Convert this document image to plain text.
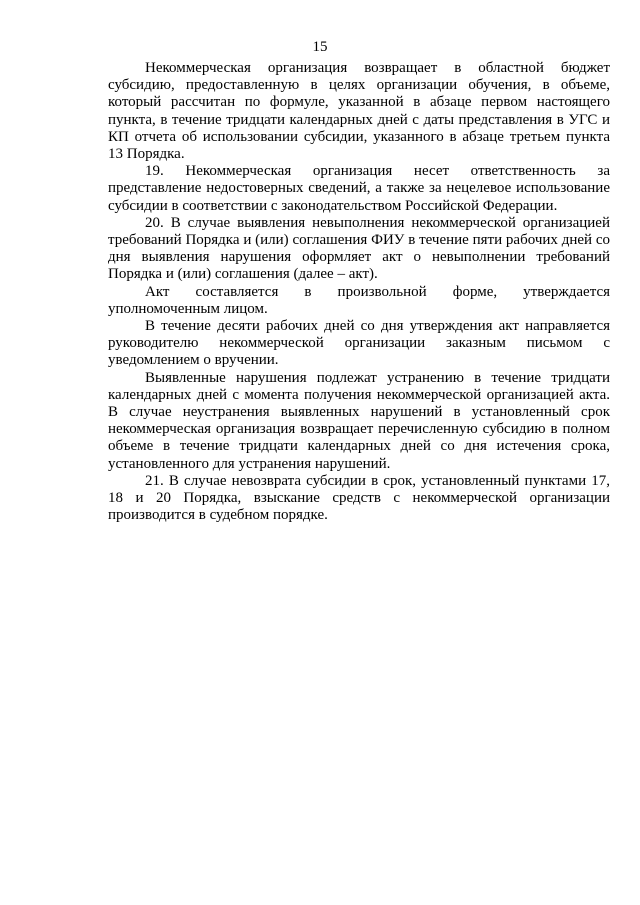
15

Некоммерческая организация возвращает в областной бюджет субсидию, предоставленную в целях организации обучения, в объеме, который рассчитан по формуле, указанной в абзаце первом настоящего пункта, в течение тридцати календарных дней с даты представления в УГС и КП отчета об использовании субсидии, указанного в абзаце третьем пункта 13 Порядка.

19. Некоммерческая организация несет ответственность за представление недостоверных сведений, а также за нецелевое использование субсидии в соответствии с законодательством Российской Федерации.

20. В случае выявления невыполнения некоммерческой организацией требований Порядка и (или) соглашения ФИУ в течение пяти рабочих дней со дня выявления нарушения оформляет акт о невыполнении требований Порядка и (или) соглашения (далее – акт).

Акт составляется в произвольной форме, утверждается уполномоченным лицом.

В течение десяти рабочих дней со дня утверждения акт направляется руководителю некоммерческой организации заказным письмом с уведомлением о вручении.

Выявленные нарушения подлежат устранению в течение тридцати календарных дней с момента получения некоммерческой организацией акта. В случае неустранения выявленных нарушений в установленный срок некоммерческая организация возвращает перечисленную субсидию в полном объеме в течение тридцати календарных дней со дня истечения срока, установленного для устранения нарушений.

21. В случае невозврата субсидии в срок, установленный пунктами 17, 18 и 20 Порядка, взыскание средств с некоммерческой организации производится в судебном порядке.
